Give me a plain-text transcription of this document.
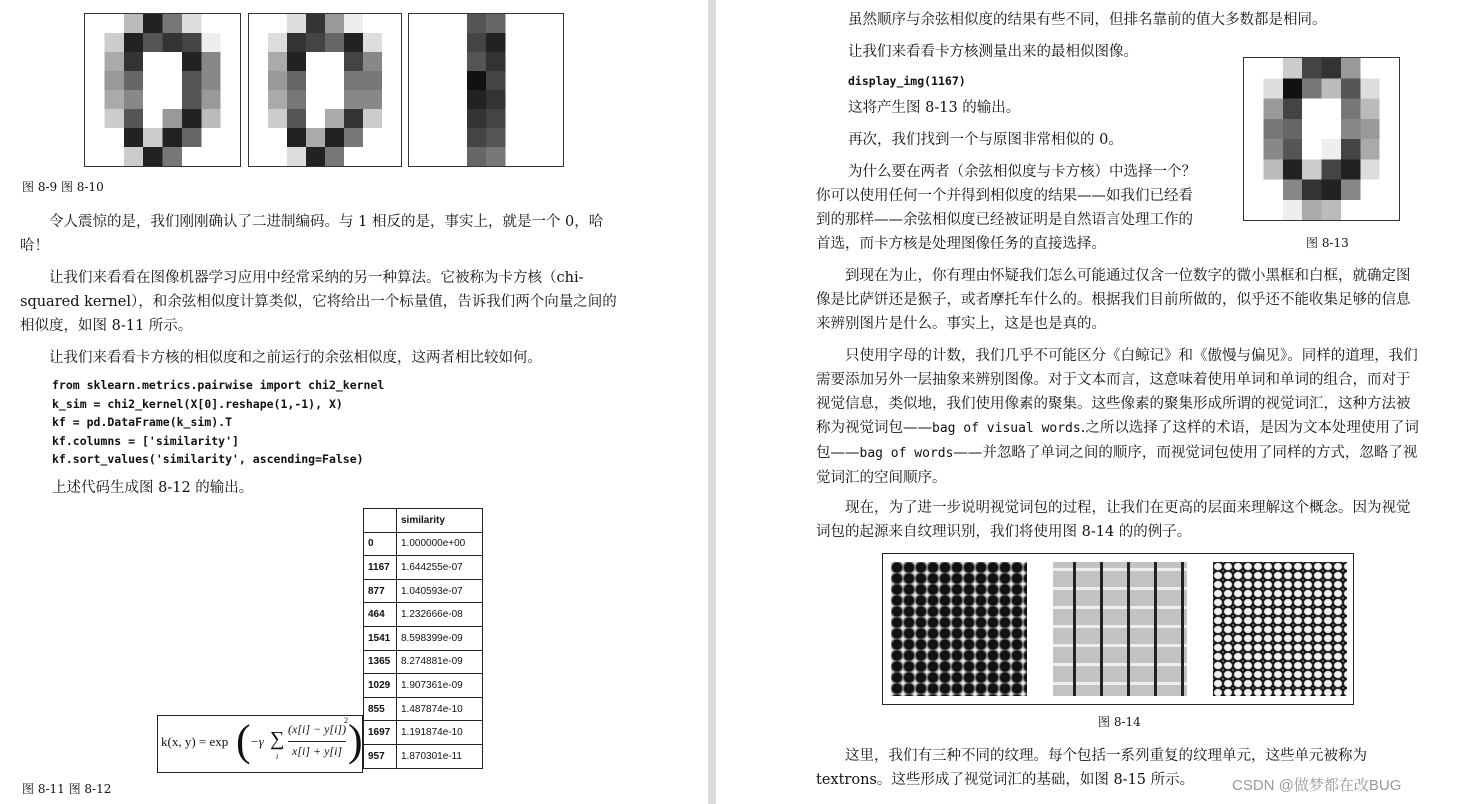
图 8-9 图 8-10

令人震惊的是，我们刚刚确认了二进制编码。与 1 相反的是，事实上，就是一个 0，哈哈！

让我们来看看在图像机器学习应用中经常采纳的另一种算法。它被称为卡方核（chi-squared kernel），和余弦相似度计算类似，它将给出一个标量值，告诉我们两个向量之间的相似度，如图 8-11 所示。

让我们来看看卡方核的相似度和之前运行的余弦相似度，这两者相比较如何。

from sklearn.metrics.pairwise import chi2_kernel
k_sim = chi2_kernel(X[0].reshape(1,-1), X)
kf = pd.DataFrame(k_sim).T
kf.columns = ['similarity']
kf.sort_values('similarity', ascending=False)

上述代码生成图 8-12 的输出。

	similarity
0	1.000000e+00
1167	1.644255e-07
877	1.040593e-07
464	1.232666e-08
1541	8.598399e-09
1365	8.274881e-09
1029	1.907361e-09
855	1.487874e-10
1697	1.191874e-10
957	1.870301e-11
k(x, y) = exp ( −γ ∑
i
(x[i] − y[i])
2
x[i] + y[i] )
图 8-11 图 8-12

虽然顺序与余弦相似度的结果有些不同，但排名靠前的值大多数都是相同。

让我们来看看卡方核测量出来的最相似图像。

display_img(1167)

这将产生图 8-13 的输出。

再次，我们找到一个与原图非常相似的 0。

为什么要在两者（余弦相似度与卡方核）中选择一个？

你可以使用任何一个并得到相似度的结果——如我们已经看

到的那样——余弦相似度已经被证明是自然语言处理工作的

首选，而卡方核是处理图像任务的直接选择。	图 8-13

到现在为止，你有理由怀疑我们怎么可能通过仅含一位数字的微小黑框和白框，就确定图像是比萨饼还是猴子，或者摩托车什么的。根据我们目前所做的，似乎还不能收集足够的信息来辨别图片是什么。事实上，这是也是真的。

只使用字母的计数，我们几乎不可能区分《白鲸记》和《傲慢与偏见》。同样的道理，我们需要添加另外一层抽象来辨别图像。对于文本而言，这意味着使用单词和单词的组合，而对于视觉信息，类似地，我们使用像素的聚集。这些像素的聚集形成所谓的视觉词汇，这种方法被称为视觉词包——bag of visual words.之所以选择了这样的术语，是因为文本处理使用了词包——bag of words——并忽略了单词之间的顺序，而视觉词包使用了同样的方式，忽略了视觉词汇的空间顺序。

现在，为了进一步说明视觉词包的过程，让我们在更高的层面来理解这个概念。因为视觉词包的起源来自纹理识别，我们将使用图 8-14 的的例子。

图 8-14

这里，我们有三种不同的纹理。每个包括一系列重复的纹理单元，这些单元被称为 textrons。这些形成了视觉词汇的基础，如图 8-15 所示。	CSDN @做梦都在改BUG
